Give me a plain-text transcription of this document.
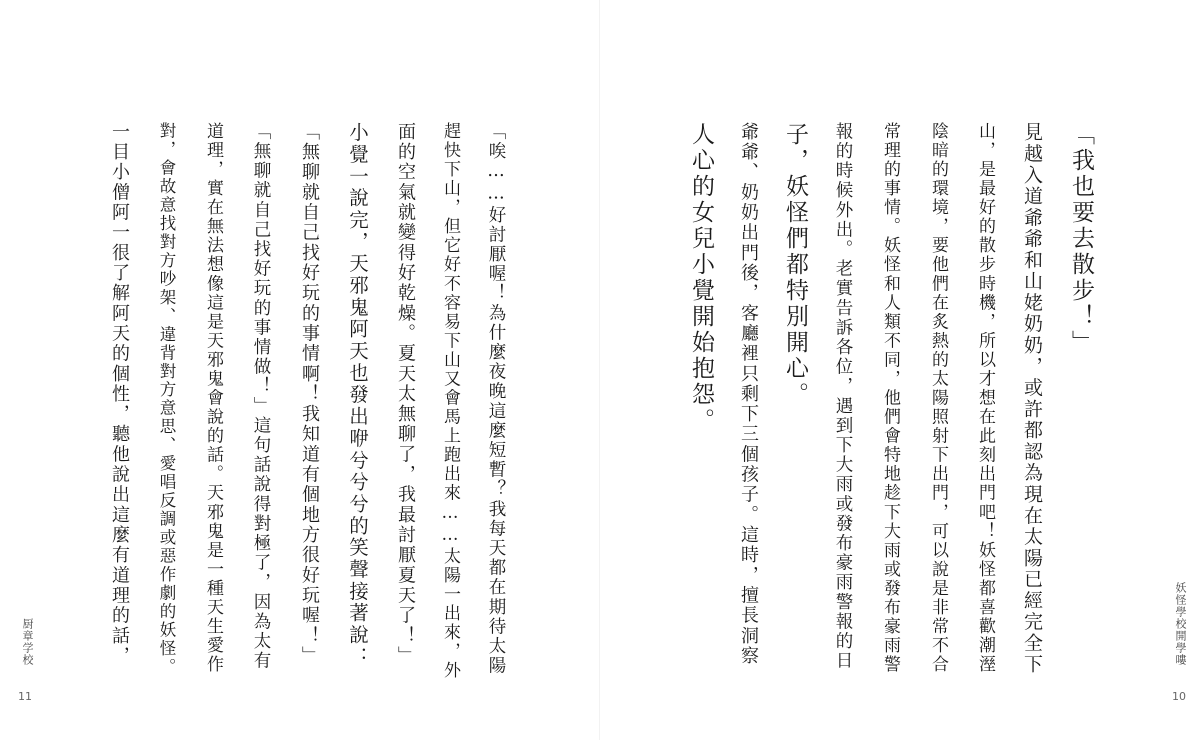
「唉……好討厭喔！為什麼夜晚這麼短暫？我每天都在期待太陽
趕快下山，但它好不容易下山又會馬上跑出來……太陽一出來，外
面的空氣就變得好乾燥。夏天太無聊了，我最討厭夏天了！」
小覺一說完，天邪鬼阿天也發出咿兮兮兮的笑聲接著說：
「無聊就自己找好玩的事情啊！我知道有個地方很好玩喔！」
「無聊就自己找好玩的事情做！」這句話說得對極了，因為太有
道理，實在無法想像這是天邪鬼會說的話。天邪鬼是一種天生愛作
對，會故意找對方吵架、違背對方意思、愛唱反調或惡作劇的妖怪。
一目小僧阿一很了解阿天的個性，聽他說出這麼有道理的話，
厨章学校
11
「我也要去散步！」
見越入道爺爺和山姥奶奶，或許都認為現在太陽已經完全下
山，是最好的散步時機，所以才想在此刻出門吧！妖怪都喜歡潮溼
陰暗的環境，要他們在炙熱的太陽照射下出門，可以說是非常不合
常理的事情。妖怪和人類不同，他們會特地趁下大雨或發布豪雨警
報的時候外出。老實告訴各位，遇到下大雨或發布豪雨警報的日
子，妖怪們都特別開心。
爺爺、奶奶出門後，客廳裡只剩下三個孩子。這時，擅長洞察
人心的女兒小覺開始抱怨。
妖怪學校開學嘍
10
